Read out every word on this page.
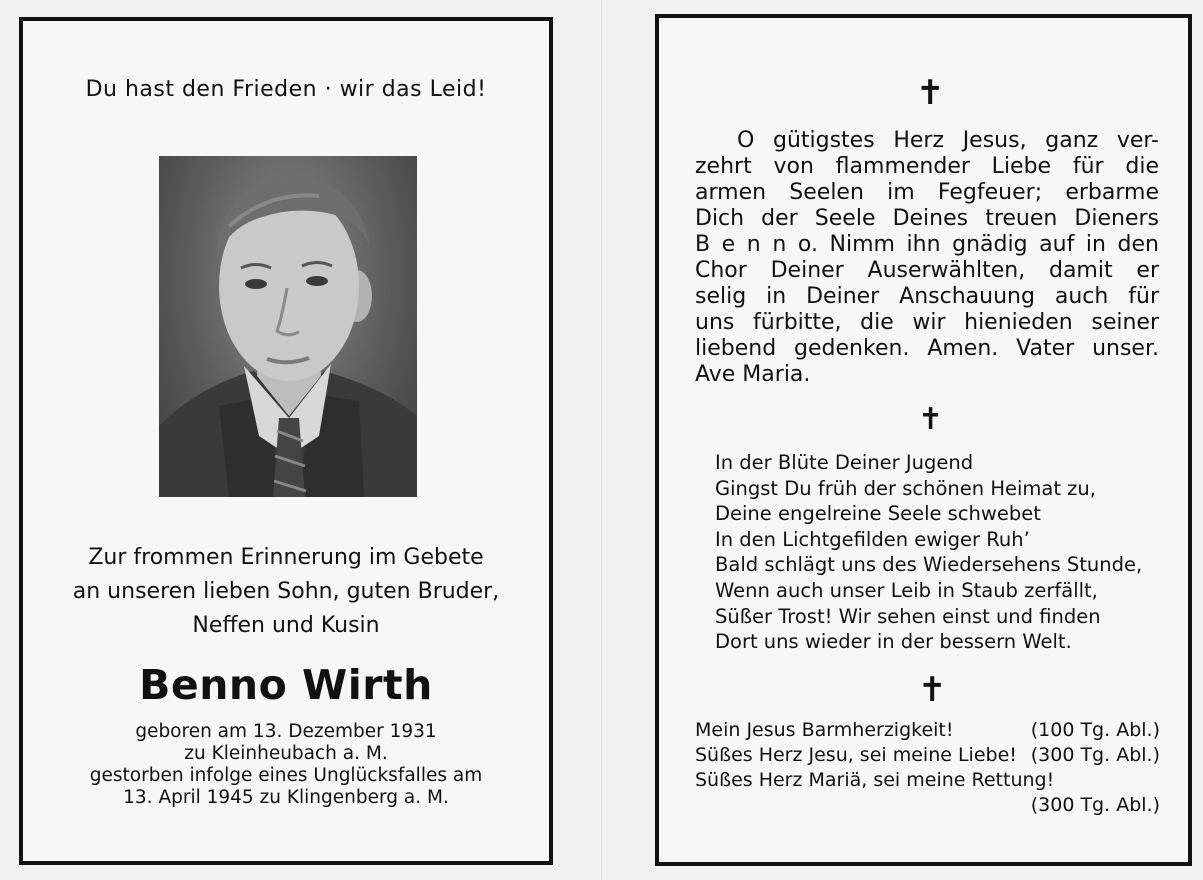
Du hast den Frieden · wir das Leid!
Zur frommen Erinnerung im Gebete
an unseren lieben Sohn, guten Bruder,
Neffen und Kusin
Benno Wirth
geboren am 13. Dezember 1931
zu Kleinheubach a. M.
gestorben infolge eines Unglücksfalles am
13. April 1945 zu Klingenberg a. M.
✝
O gütigstes Herz Jesus, ganz ver-
zehrt von flammender Liebe für die
armen Seelen im Fegfeuer; erbarme
Dich der Seele Deines treuen Dieners
B e n n o. Nimm ihn gnädig auf in den
Chor Deiner Auserwählten, damit er
selig in Deiner Anschauung auch für
uns fürbitte, die wir hienieden seiner
liebend gedenken. Amen. Vater unser.
Ave Maria.
✝
In der Blüte Deiner Jugend
Gingst Du früh der schönen Heimat zu,
Deine engelreine Seele schwebet
In den Lichtgefilden ewiger Ruh’
Bald schlägt uns des Wiedersehens Stunde,
Wenn auch unser Leib in Staub zerfällt,
Süßer Trost! Wir sehen einst und finden
Dort uns wieder in der bessern Welt.
✝
Mein Jesus Barmherzigkeit!	(100 Tg. Abl.)
Süßes Herz Jesu, sei meine Liebe! (300 Tg. Abl.)
Süßes Herz Mariä, sei meine Rettung!
(300 Tg. Abl.)
